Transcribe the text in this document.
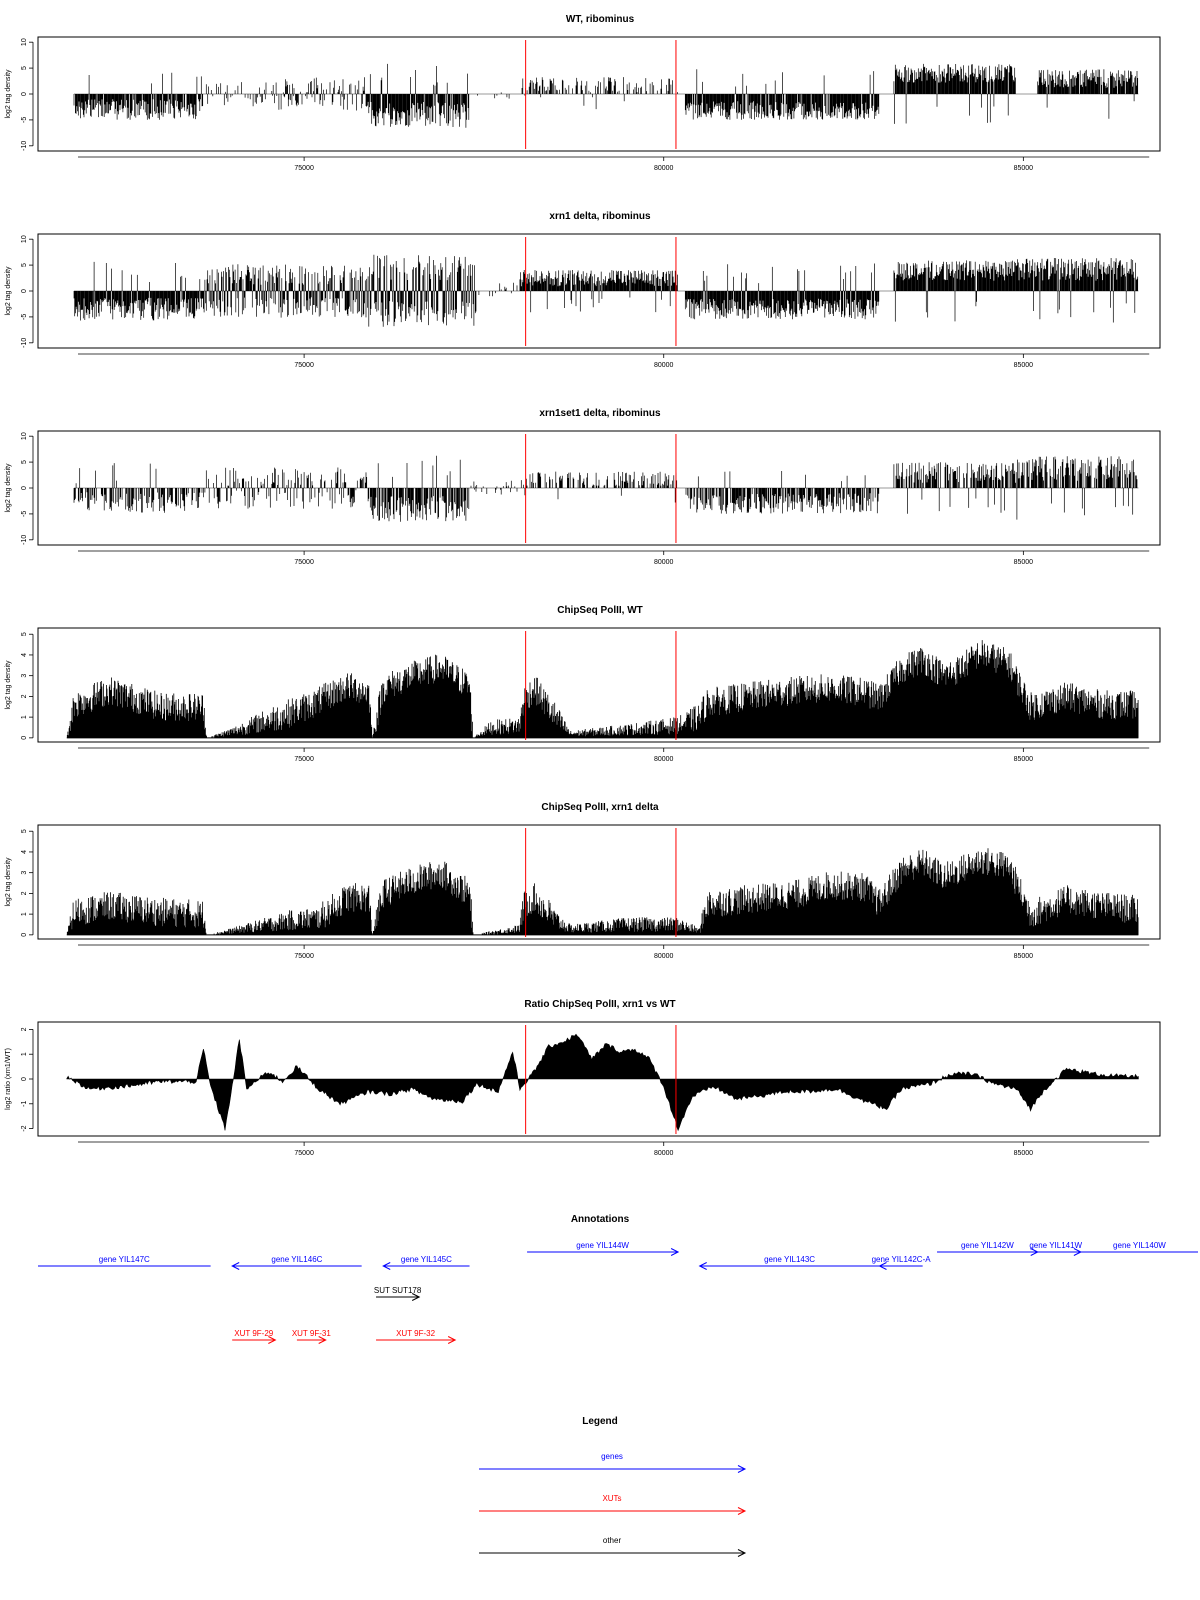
WT, ribominus
log2 tag density
-10
-5
0
5
10
75000	80000	85000
xrn1 delta, ribominus
log2 tag density
-10
-5
0
5
10
75000	80000	85000
xrn1set1 delta, ribominus
log2 tag density
-10
-5
0
5
10
75000	80000	85000
ChipSeq PolII, WT
log2 tag density
0
1
2
3
4
5
75000	80000	85000
ChipSeq PolII, xrn1 delta
log2 tag density
0
1
2
3
4
5
75000	80000	85000
Ratio ChipSeq PolII, xrn1 vs WT
log2 ratio (xrn1/WT)
-2
-1
0
1
2
75000	80000	85000
Annotations
gene YIL147C	gene YIL146C	gene YIL145C
gene YIL144W
gene YIL143C	gene YIL142C-A
gene YIL142W gene YIL141W	gene YIL140W
SUT SUT178
XUT 9F-29 XUT 9F-31	XUT 9F-32
Legend
genes
XUTs
other
